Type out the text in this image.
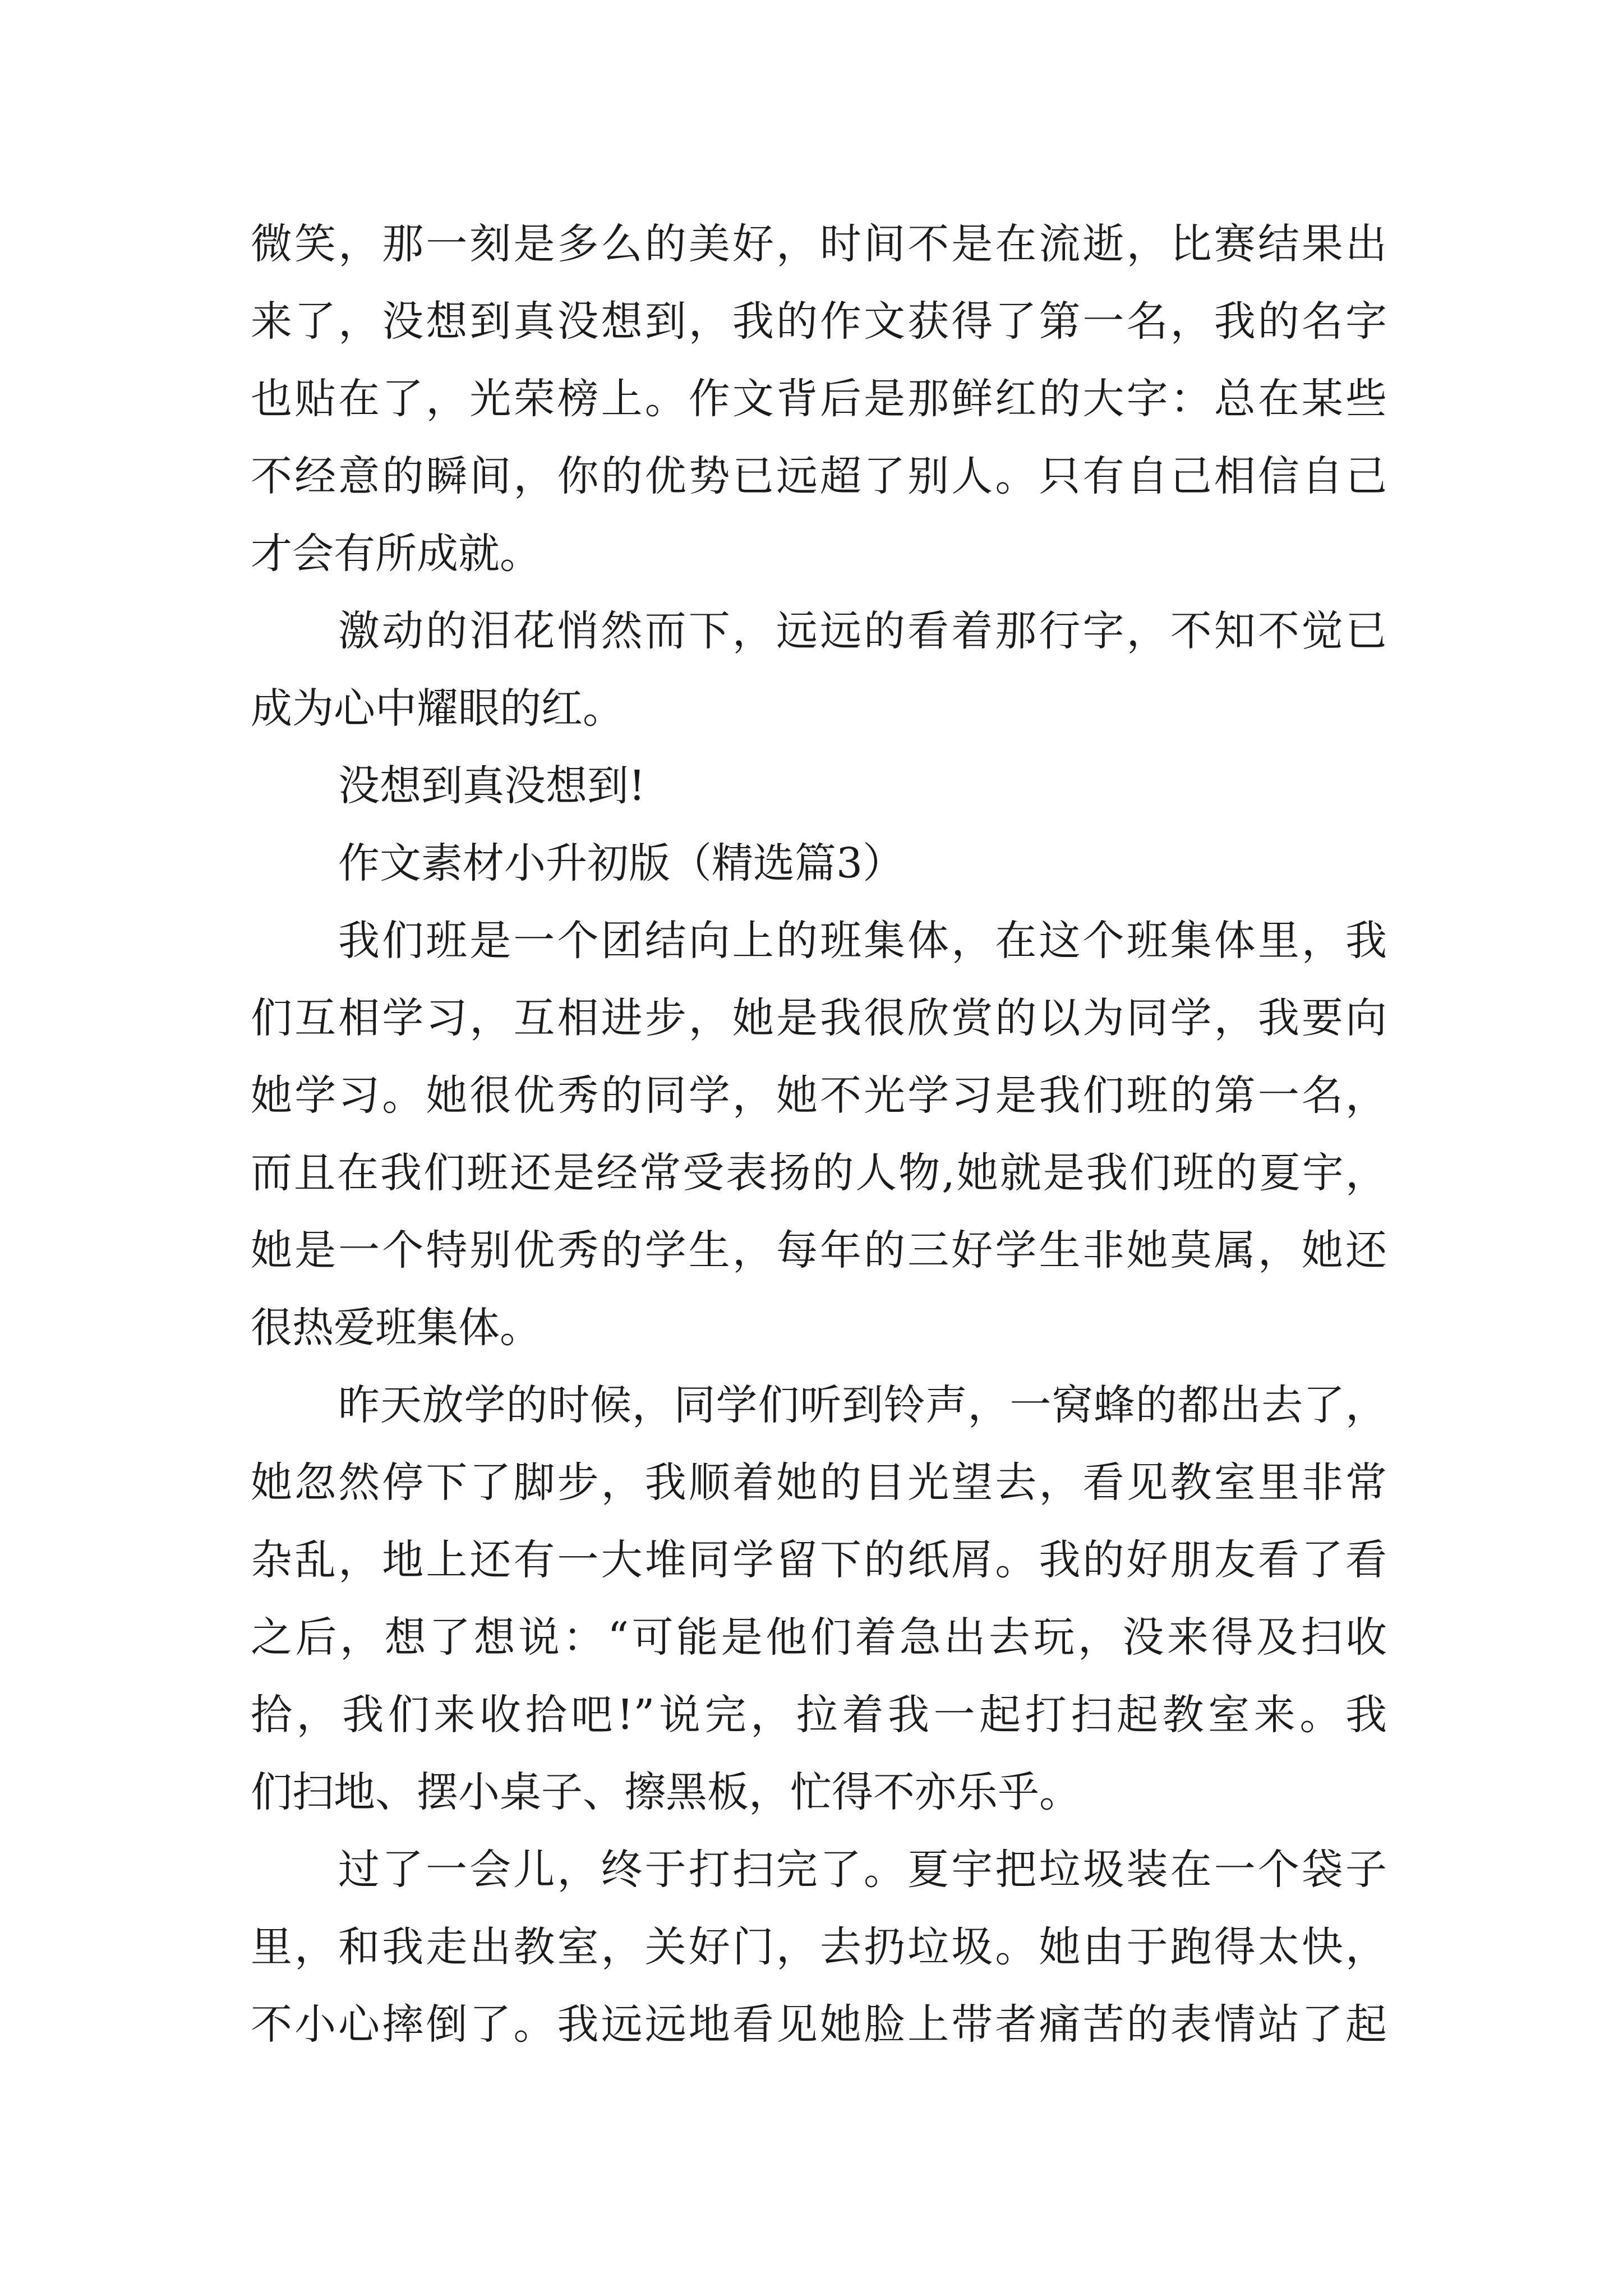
微笑，那一刻是多么的美好，时间不是在流逝，比赛结果出
来了，没想到真没想到，我的作文获得了第一名，我的名字
也贴在了，光荣榜上。作文背后是那鲜红的大字：总在某些
不经意的瞬间，你的优势已远超了别人。只有自己相信自己
才会有所成就。
激动的泪花悄然而下，远远的看着那行字，不知不觉已
成为心中耀眼的红。
没想到真没想到!
作文素材小升初版（精选篇3）
我们班是一个团结向上的班集体，在这个班集体里，我
们互相学习，互相进步，她是我很欣赏的以为同学，我要向
她学习。她很优秀的同学，她不光学习是我们班的第一名，
而且在我们班还是经常受表扬的人物,她就是我们班的夏宇，
她是一个特别优秀的学生，每年的三好学生非她莫属，她还
很热爱班集体。
昨天放学的时候，同学们听到铃声，一窝蜂的都出去了，
她忽然停下了脚步，我顺着她的目光望去，看见教室里非常
杂乱，地上还有一大堆同学留下的纸屑。我的好朋友看了看
之后，想了想说：“可能是他们着急出去玩，没来得及扫收
拾，我们来收拾吧!”说完，拉着我一起打扫起教室来。我
们扫地、摆小桌子、擦黑板，忙得不亦乐乎。
过了一会儿，终于打扫完了。夏宇把垃圾装在一个袋子
里，和我走出教室，关好门，去扔垃圾。她由于跑得太快，
不小心摔倒了。我远远地看见她脸上带者痛苦的表情站了起
